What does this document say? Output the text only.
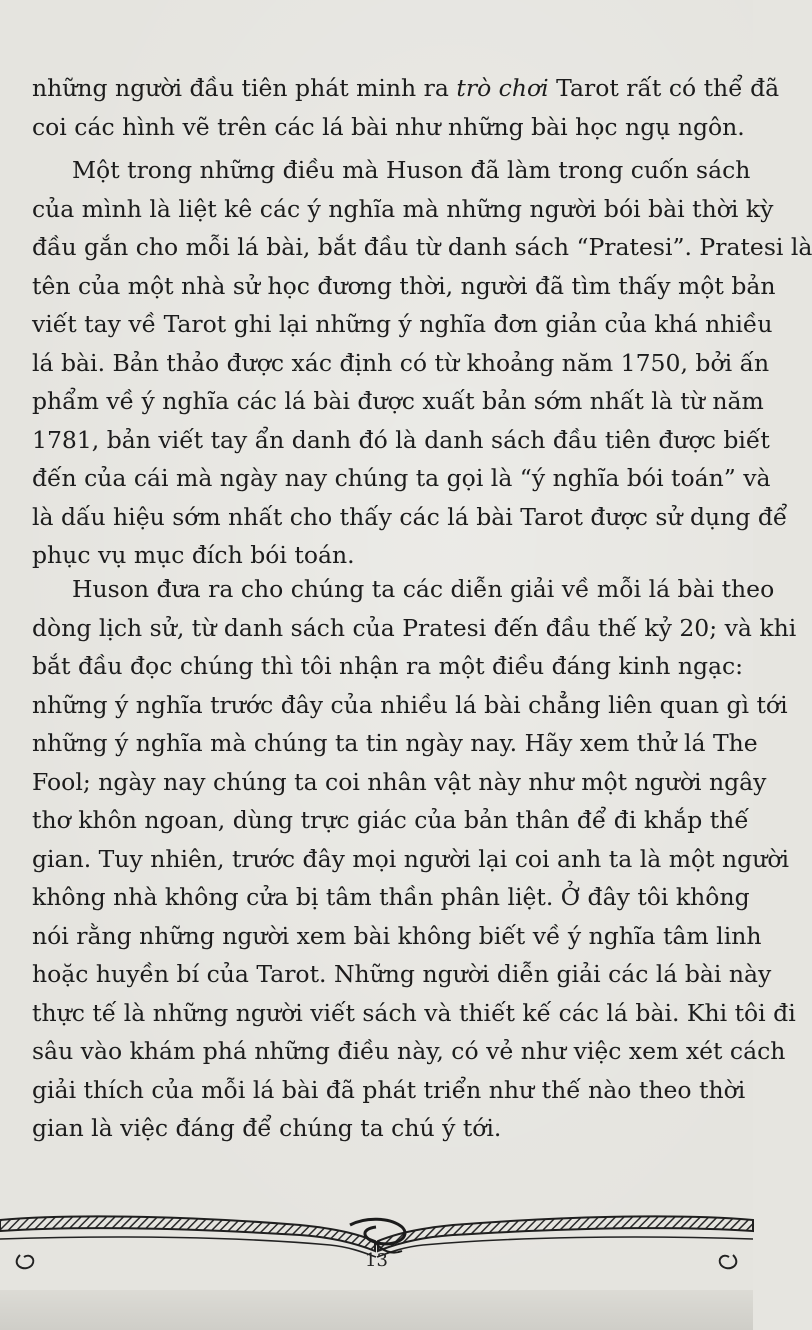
những người đầu tiên phát minh ra trò chơi Tarot rất có thể đã
coi các hình vẽ trên các lá bài như những bài học ngụ ngôn.
Một trong những điều mà Huson đã làm trong cuốn sách
của mình là liệt kê các ý nghĩa mà những người bói bài thời kỳ
đầu gắn cho mỗi lá bài, bắt đầu từ danh sách “Pratesi”. Pratesi là
tên của một nhà sử học đương thời, người đã tìm thấy một bản
viết tay về Tarot ghi lại những ý nghĩa đơn giản của khá nhiều
lá bài. Bản thảo được xác định có từ khoảng năm 1750, bởi ấn
phẩm về ý nghĩa các lá bài được xuất bản sớm nhất là từ năm
1781, bản viết tay ẩn danh đó là danh sách đầu tiên được biết
đến của cái mà ngày nay chúng ta gọi là “ý nghĩa bói toán” và
là dấu hiệu sớm nhất cho thấy các lá bài Tarot được sử dụng để
phục vụ mục đích bói toán.
Huson đưa ra cho chúng ta các diễn giải về mỗi lá bài theo
dòng lịch sử, từ danh sách của Pratesi đến đầu thế kỷ 20; và khi
bắt đầu đọc chúng thì tôi nhận ra một điều đáng kinh ngạc:
những ý nghĩa trước đây của nhiều lá bài chẳng liên quan gì tới
những ý nghĩa mà chúng ta tin ngày nay. Hãy xem thử lá The
Fool; ngày nay chúng ta coi nhân vật này như một người ngây
thơ khôn ngoan, dùng trực giác của bản thân để đi khắp thế
gian. Tuy nhiên, trước đây mọi người lại coi anh ta là một người
không nhà không cửa bị tâm thần phân liệt. Ở đây tôi không
nói rằng những người xem bài không biết về ý nghĩa tâm linh
hoặc huyền bí của Tarot. Những người diễn giải các lá bài này
thực tế là những người viết sách và thiết kế các lá bài. Khi tôi đi
sâu vào khám phá những điều này, có vẻ như việc xem xét cách
giải thích của mỗi lá bài đã phát triển như thế nào theo thời
gian là việc đáng để chúng ta chú ý tới.
13
